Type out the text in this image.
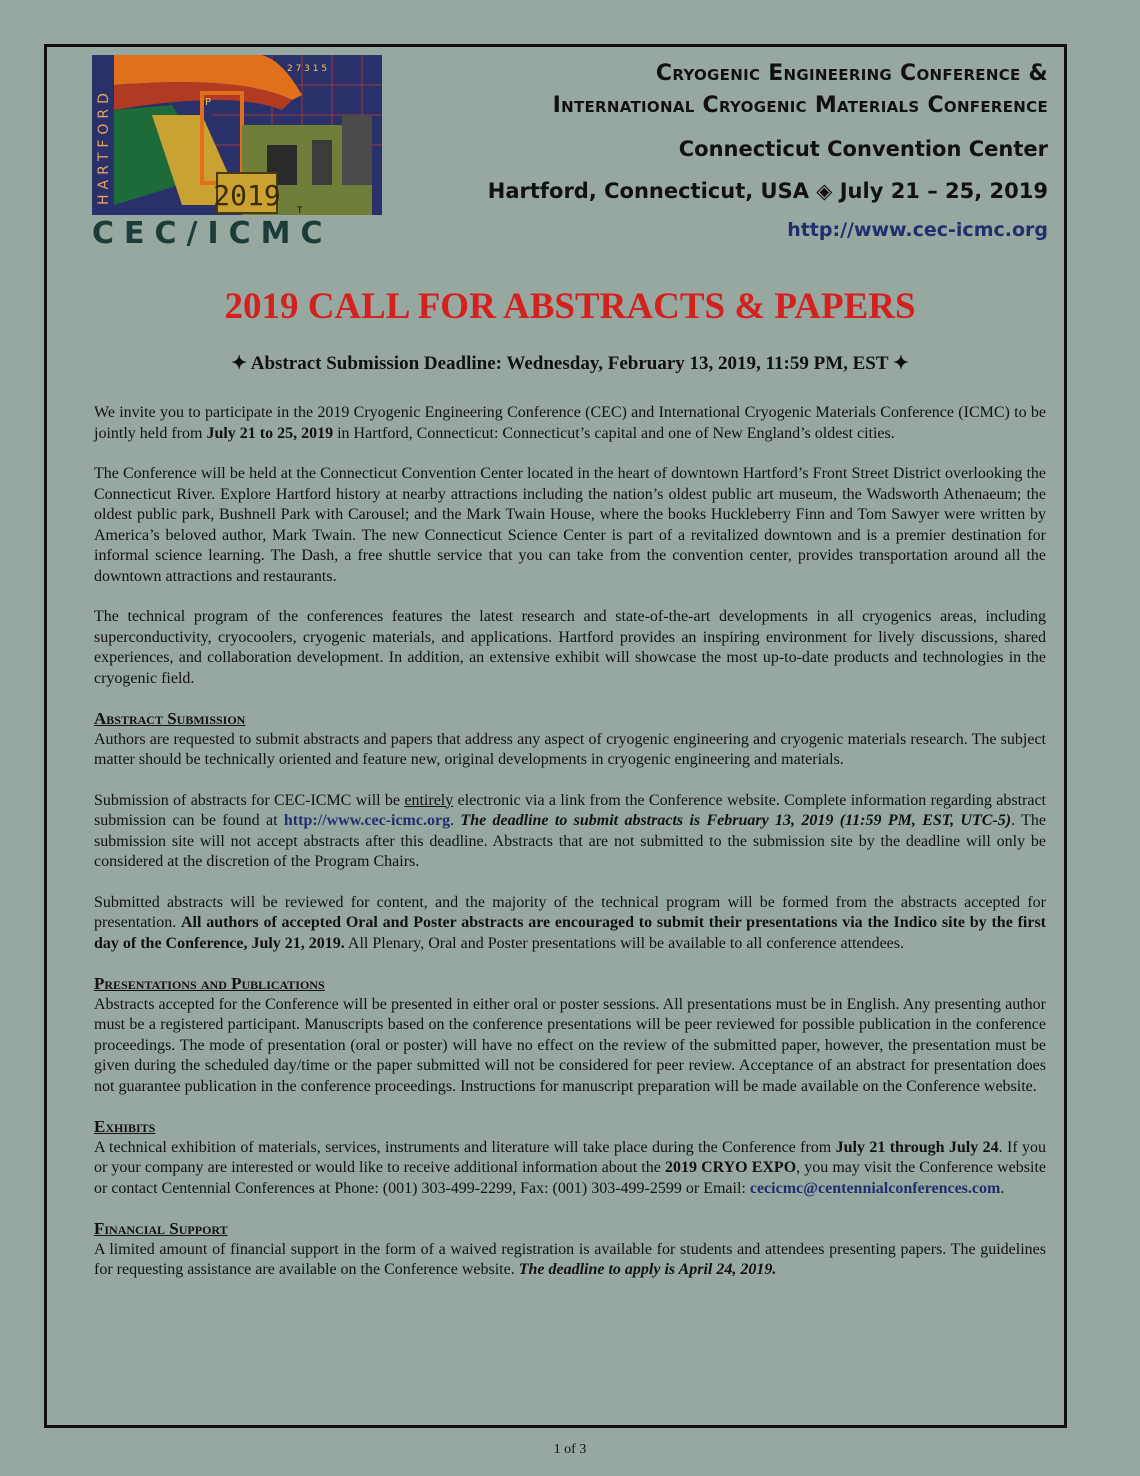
2019
2 7 3 1 5
P
T
HARTFORD
CEC/ICMC
Cryogenic Engineering Conference &
International Cryogenic Materials Conference
Connecticut Convention Center
Hartford, Connecticut, USA ◈ July 21 – 25, 2019
http://www.cec-icmc.org
2019 CALL FOR ABSTRACTS & PAPERS
✦ Abstract Submission Deadline: Wednesday, February 13, 2019, 11:59 PM, EST ✦

We invite you to participate in the 2019 Cryogenic Engineering Conference (CEC) and International Cryogenic Materials Conference (ICMC) to be jointly held from July 21 to 25, 2019 in Hartford, Connecticut: Connecticut’s capital and one of New England’s oldest cities.

The Conference will be held at the Connecticut Convention Center located in the heart of downtown Hartford’s Front Street District overlooking the Connecticut River. Explore Hartford history at nearby attractions including the nation’s oldest public art museum, the Wadsworth Athenaeum; the oldest public park, Bushnell Park with Carousel; and the Mark Twain House, where the books Huckleberry Finn and Tom Sawyer were written by America’s beloved author, Mark Twain. The new Connecticut Science Center is part of a revitalized downtown and is a premier destination for informal science learning. The Dash, a free shuttle service that you can take from the convention center, provides transportation around all the downtown attractions and restaurants.

The technical program of the conferences features the latest research and state-of-the-art developments in all cryogenics areas, including superconductivity, cryocoolers, cryogenic materials, and applications. Hartford provides an inspiring environment for lively discussions, shared experiences, and collaboration development. In addition, an extensive exhibit will showcase the most up-to-date products and technologies in the cryogenic field.

Abstract Submission

Authors are requested to submit abstracts and papers that address any aspect of cryogenic engineering and cryogenic materials research. The subject matter should be technically oriented and feature new, original developments in cryogenic engineering and materials.

Submission of abstracts for CEC-ICMC will be entirely electronic via a link from the Conference website. Complete information regarding abstract submission can be found at http://www.cec-icmc.org. The deadline to submit abstracts is February 13, 2019 (11:59 PM, EST, UTC-5). The submission site will not accept abstracts after this deadline. Abstracts that are not submitted to the submission site by the deadline will only be considered at the discretion of the Program Chairs.

Submitted abstracts will be reviewed for content, and the majority of the technical program will be formed from the abstracts accepted for presentation. All authors of accepted Oral and Poster abstracts are encouraged to submit their presentations via the Indico site by the first day of the Conference, July 21, 2019. All Plenary, Oral and Poster presentations will be available to all conference attendees.

Presentations and Publications

Abstracts accepted for the Conference will be presented in either oral or poster sessions. All presentations must be in English. Any presenting author must be a registered participant. Manuscripts based on the conference presentations will be peer reviewed for possible publication in the conference proceedings. The mode of presentation (oral or poster) will have no effect on the review of the submitted paper, however, the presentation must be given during the scheduled day/time or the paper submitted will not be considered for peer review. Acceptance of an abstract for presentation does not guarantee publication in the conference proceedings. Instructions for manuscript preparation will be made available on the Conference website.

Exhibits

A technical exhibition of materials, services, instruments and literature will take place during the Conference from July 21 through July 24. If you or your company are interested or would like to receive additional information about the 2019 CRYO EXPO, you may visit the Conference website or contact Centennial Conferences at Phone: (001) 303-499-2299, Fax: (001) 303-499-2599 or Email: cecicmc@centennialconferences.com.

Financial Support

A limited amount of financial support in the form of a waived registration is available for students and attendees presenting papers. The guidelines for requesting assistance are available on the Conference website. The deadline to apply is April 24, 2019.

1 of 3
